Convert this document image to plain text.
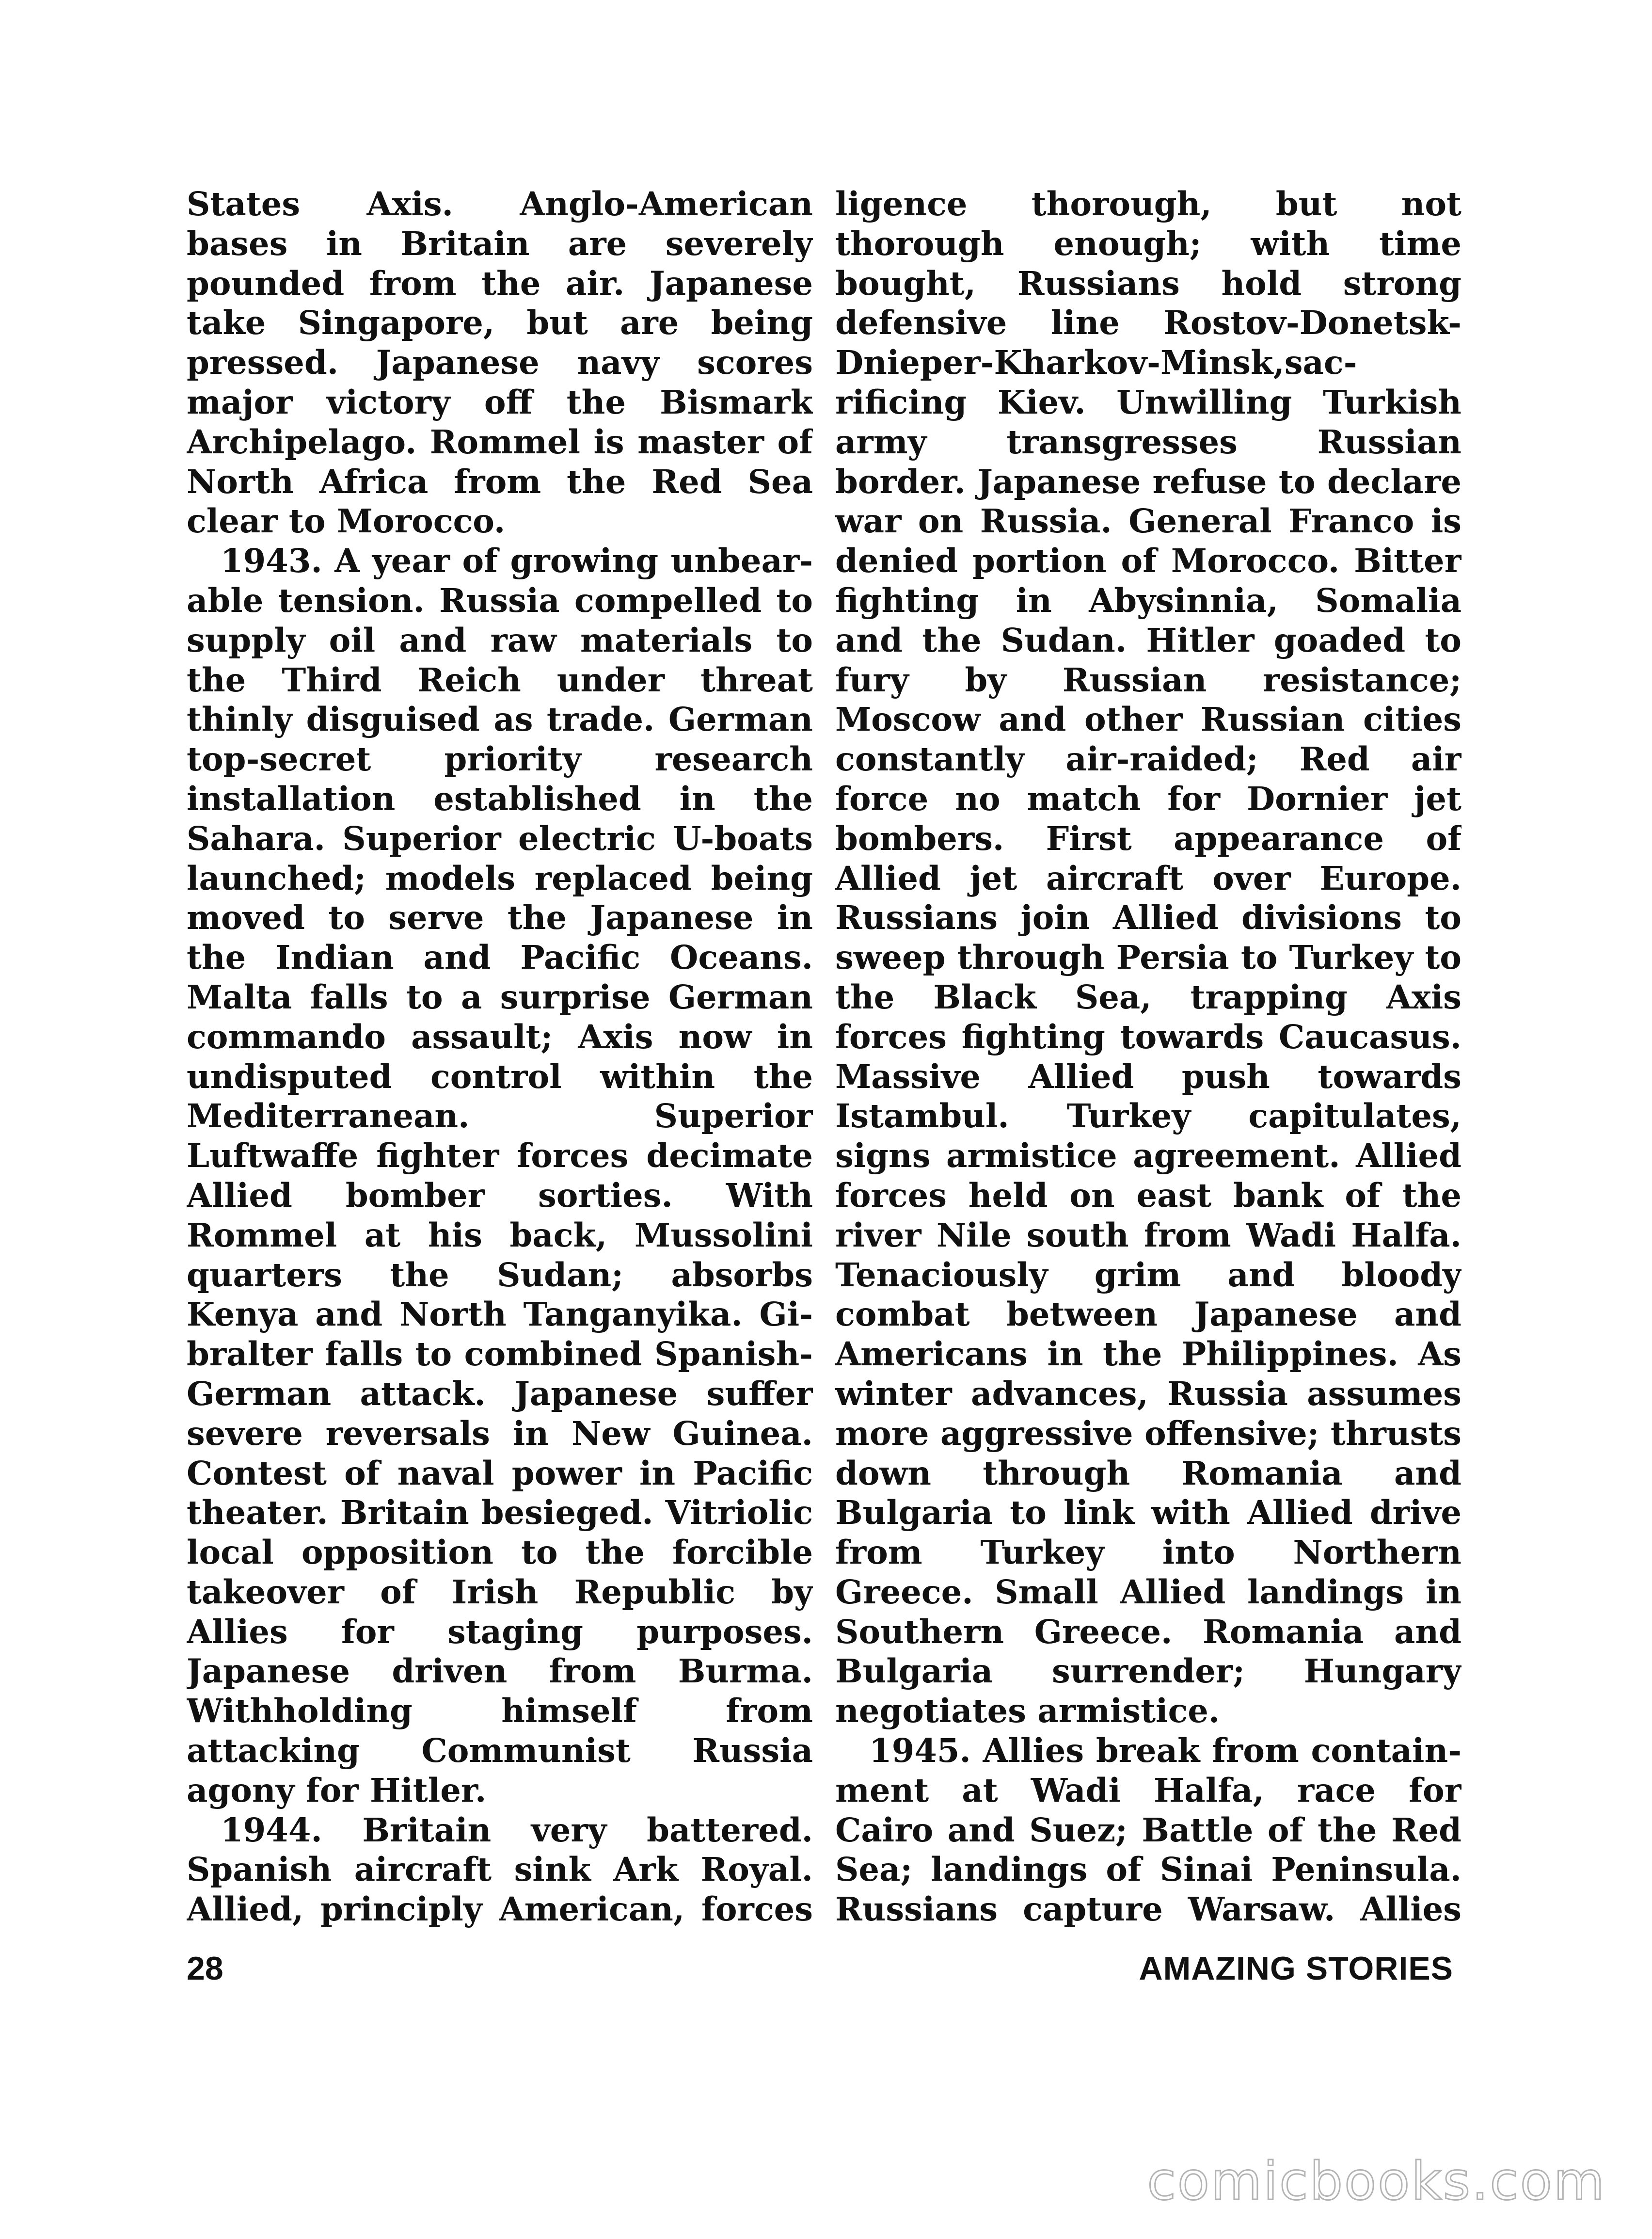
States Axis. Anglo-American bases in Britain are severely pounded from the air. Japanese take Singapore, but are being pressed. Japanese navy scores major victory off the Bismark Archipelago. Rommel is master of North Africa from the Red Sea clear to Morocco.

1943. A year of growing unbearable tension. Russia compelled to supply oil and raw materials to the Third Reich under threat thinly disguised as trade. German top-secret priority research installation established in the Sahara. Superior electric U-boats launched; models replaced being moved to serve the Japanese in the Indian and Pacific Oceans. Malta falls to a surprise German commando assault; Axis now in undisputed control within the Mediterranean. Superior Luftwaffe fighter forces decimate Allied bomber sorties. With Rommel at his back, Mussolini quarters the Sudan; absorbs Kenya and North Tanganyika. Gibralter falls to combined Spanish-German attack. Japanese suffer severe reversals in New Guinea. Contest of naval power in Pacific theater. Britain besieged. Vitriolic local opposition to the forcible takeover of Irish Republic by Allies for staging purposes. Japanese driven from Burma. Withholding himself from attacking Communist Russia agony for Hitler.

1944. Britain very battered. Spanish aircraft sink Ark Royal. Allied, principly American, forces

ligence thorough, but not thorough enough; with time bought, Russians hold strong defensive line Rostov-Donetsk-Dnieper-Kharkov-Minsk,sacrificing Kiev. Unwilling Turkish army transgresses Russian border. Japanese refuse to declare war on Russia. General Franco is denied portion of Morocco. Bitter fighting in Abysinnia, Somalia and the Sudan. Hitler goaded to fury by Russian resistance; Moscow and other Russian cities constantly air-raided; Red air force no match for Dornier jet bombers. First appearance of Allied jet aircraft over Europe. Russians join Allied divisions to sweep through Persia to Turkey to the Black Sea, trapping Axis forces fighting towards Caucasus. Massive Allied push towards Istambul. Turkey capitulates, signs armistice agreement. Allied forces held on east bank of the river Nile south from Wadi Halfa. Tenaciously grim and bloody combat between Japanese and Americans in the Philippines. As winter advances, Russia assumes more aggressive offensive; thrusts down through Romania and Bulgaria to link with Allied drive from Turkey into Northern Greece. Small Allied landings in Southern Greece. Romania and Bulgaria surrender; Hungary negotiates armistice.

1945. Allies break from containment at Wadi Halfa, race for Cairo and Suez; Battle of the Red Sea; landings of Sinai Peninsula. Russians capture Warsaw. Allies

28	AMAZING STORIES
comicbooks.com
